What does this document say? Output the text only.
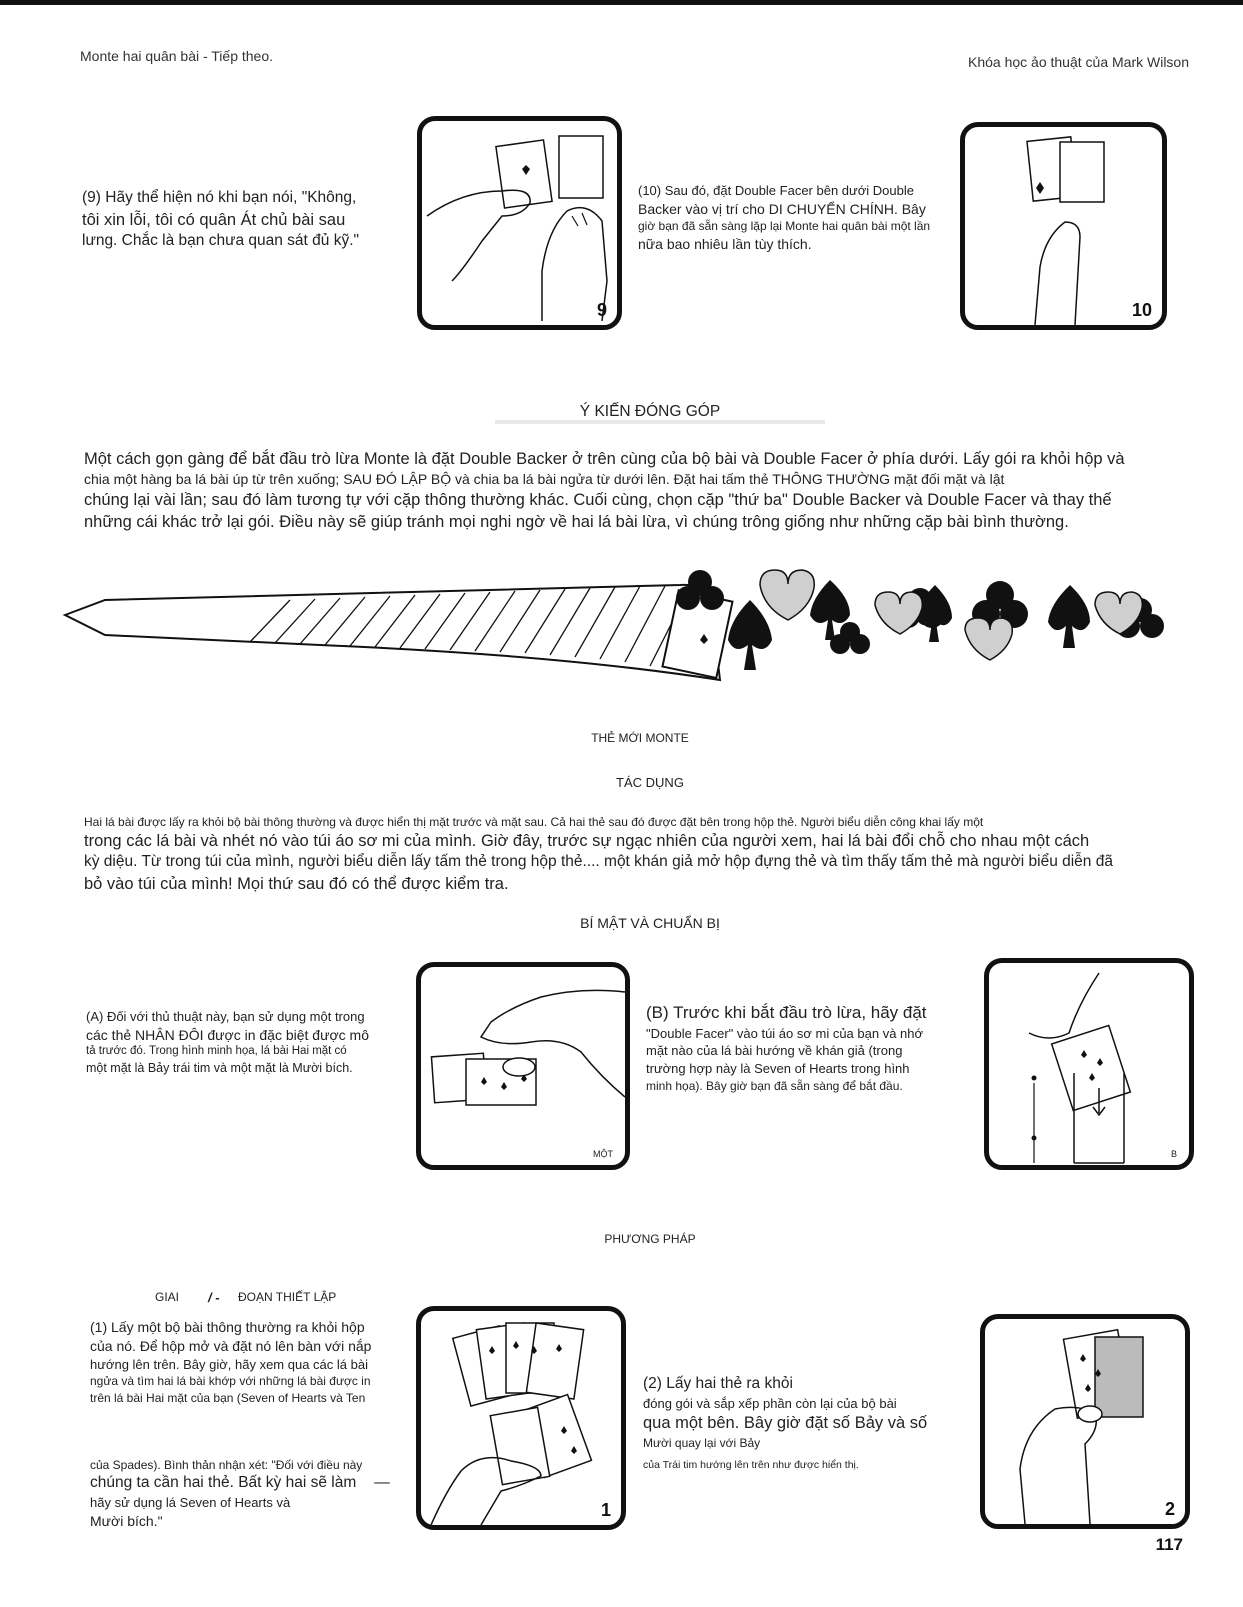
Monte hai quân bài - Tiếp theo.	Khóa học ảo thuật của Mark Wilson
(9) Hãy thể hiện nó khi bạn nói, "Không,
tôi xin lỗi, tôi có quân Át chủ bài sau
lưng. Chắc là bạn chưa quan sát đủ kỹ."
9
(10) Sau đó, đặt Double Facer bên dưới Double
Backer vào vị trí cho DI CHUYỂN CHÍNH. Bây
giờ bạn đã sẵn sàng lặp lại Monte hai quân bài một lần
nữa bao nhiêu lần tùy thích.
10
Ý KIẾN ĐÓNG GÓP
Một cách gọn gàng để bắt đầu trò lừa Monte là đặt Double Backer ở trên cùng của bộ bài và Double Facer ở phía dưới. Lấy gói ra khỏi hộp và
chia một hàng ba lá bài úp từ trên xuống; SAU ĐÓ LẬP BỘ và chia ba lá bài ngửa từ dưới lên. Đặt hai tấm thẻ THÔNG THƯỜNG mặt đối mặt và lật
chúng lại vài lần; sau đó làm tương tự với cặp thông thường khác. Cuối cùng, chọn cặp "thứ ba" Double Backer và Double Facer và thay thế
những cái khác trở lại gói. Điều này sẽ giúp tránh mọi nghi ngờ về hai lá bài lừa, vì chúng trông giống như những cặp bài bình thường.
THẺ MỚI MONTE
TÁC DỤNG
Hai lá bài được lấy ra khỏi bộ bài thông thường và được hiển thị mặt trước và mặt sau. Cả hai thẻ sau đó được đặt bên trong hộp thẻ. Người biểu diễn công khai lấy một
trong các lá bài và nhét nó vào túi áo sơ mi của mình. Giờ đây, trước sự ngạc nhiên của người xem, hai lá bài đổi chỗ cho nhau một cách
kỳ diệu. Từ trong túi của mình, người biểu diễn lấy tấm thẻ trong hộp thẻ.... một khán giả mở hộp đựng thẻ và tìm thấy tấm thẻ mà người biểu diễn đã
bỏ vào túi của mình! Mọi thứ sau đó có thể được kiểm tra.
BÍ MẬT VÀ CHUẨN BỊ
(A) Đối với thủ thuật này, bạn sử dụng một trong
các thẻ NHÂN ĐÔI được in đặc biệt được mô
tả trước đó. Trong hình minh họa, lá bài Hai mặt có
một mặt là Bảy trái tim và một mặt là Mười bích.
MỘT
(B) Trước khi bắt đầu trò lừa, hãy đặt
"Double Facer" vào túi áo sơ mi của bạn và nhớ
mặt nào của lá bài hướng về khán giả (trong
trường hợp này là Seven of Hearts trong hình
minh họa). Bây giờ bạn đã sẵn sàng để bắt đầu.
B
PHƯƠNG PHÁP
GIAI / - ĐOẠN THIẾT LẬP
(1) Lấy một bộ bài thông thường ra khỏi hộp
của nó. Để hộp mở và đặt nó lên bàn với nắp
hướng lên trên. Bây giờ, hãy xem qua các lá bài
ngửa và tìm hai lá bài khớp với những lá bài được in
trên lá bài Hai mặt của bạn (Seven of Hearts và Ten
của Spades). Bình thản nhận xét: "Đối với điều này
chúng ta cần hai thẻ. Bất kỳ hai sẽ làm —
hãy sử dụng lá Seven of Hearts và
Mười bích."
1
(2) Lấy hai thẻ ra khỏi
đóng gói và sắp xếp phần còn lại của bộ bài
qua một bên. Bây giờ đặt số Bảy và số
Mười quay lại với Bảy
của Trái tim hướng lên trên như được hiển thị.
2
117
